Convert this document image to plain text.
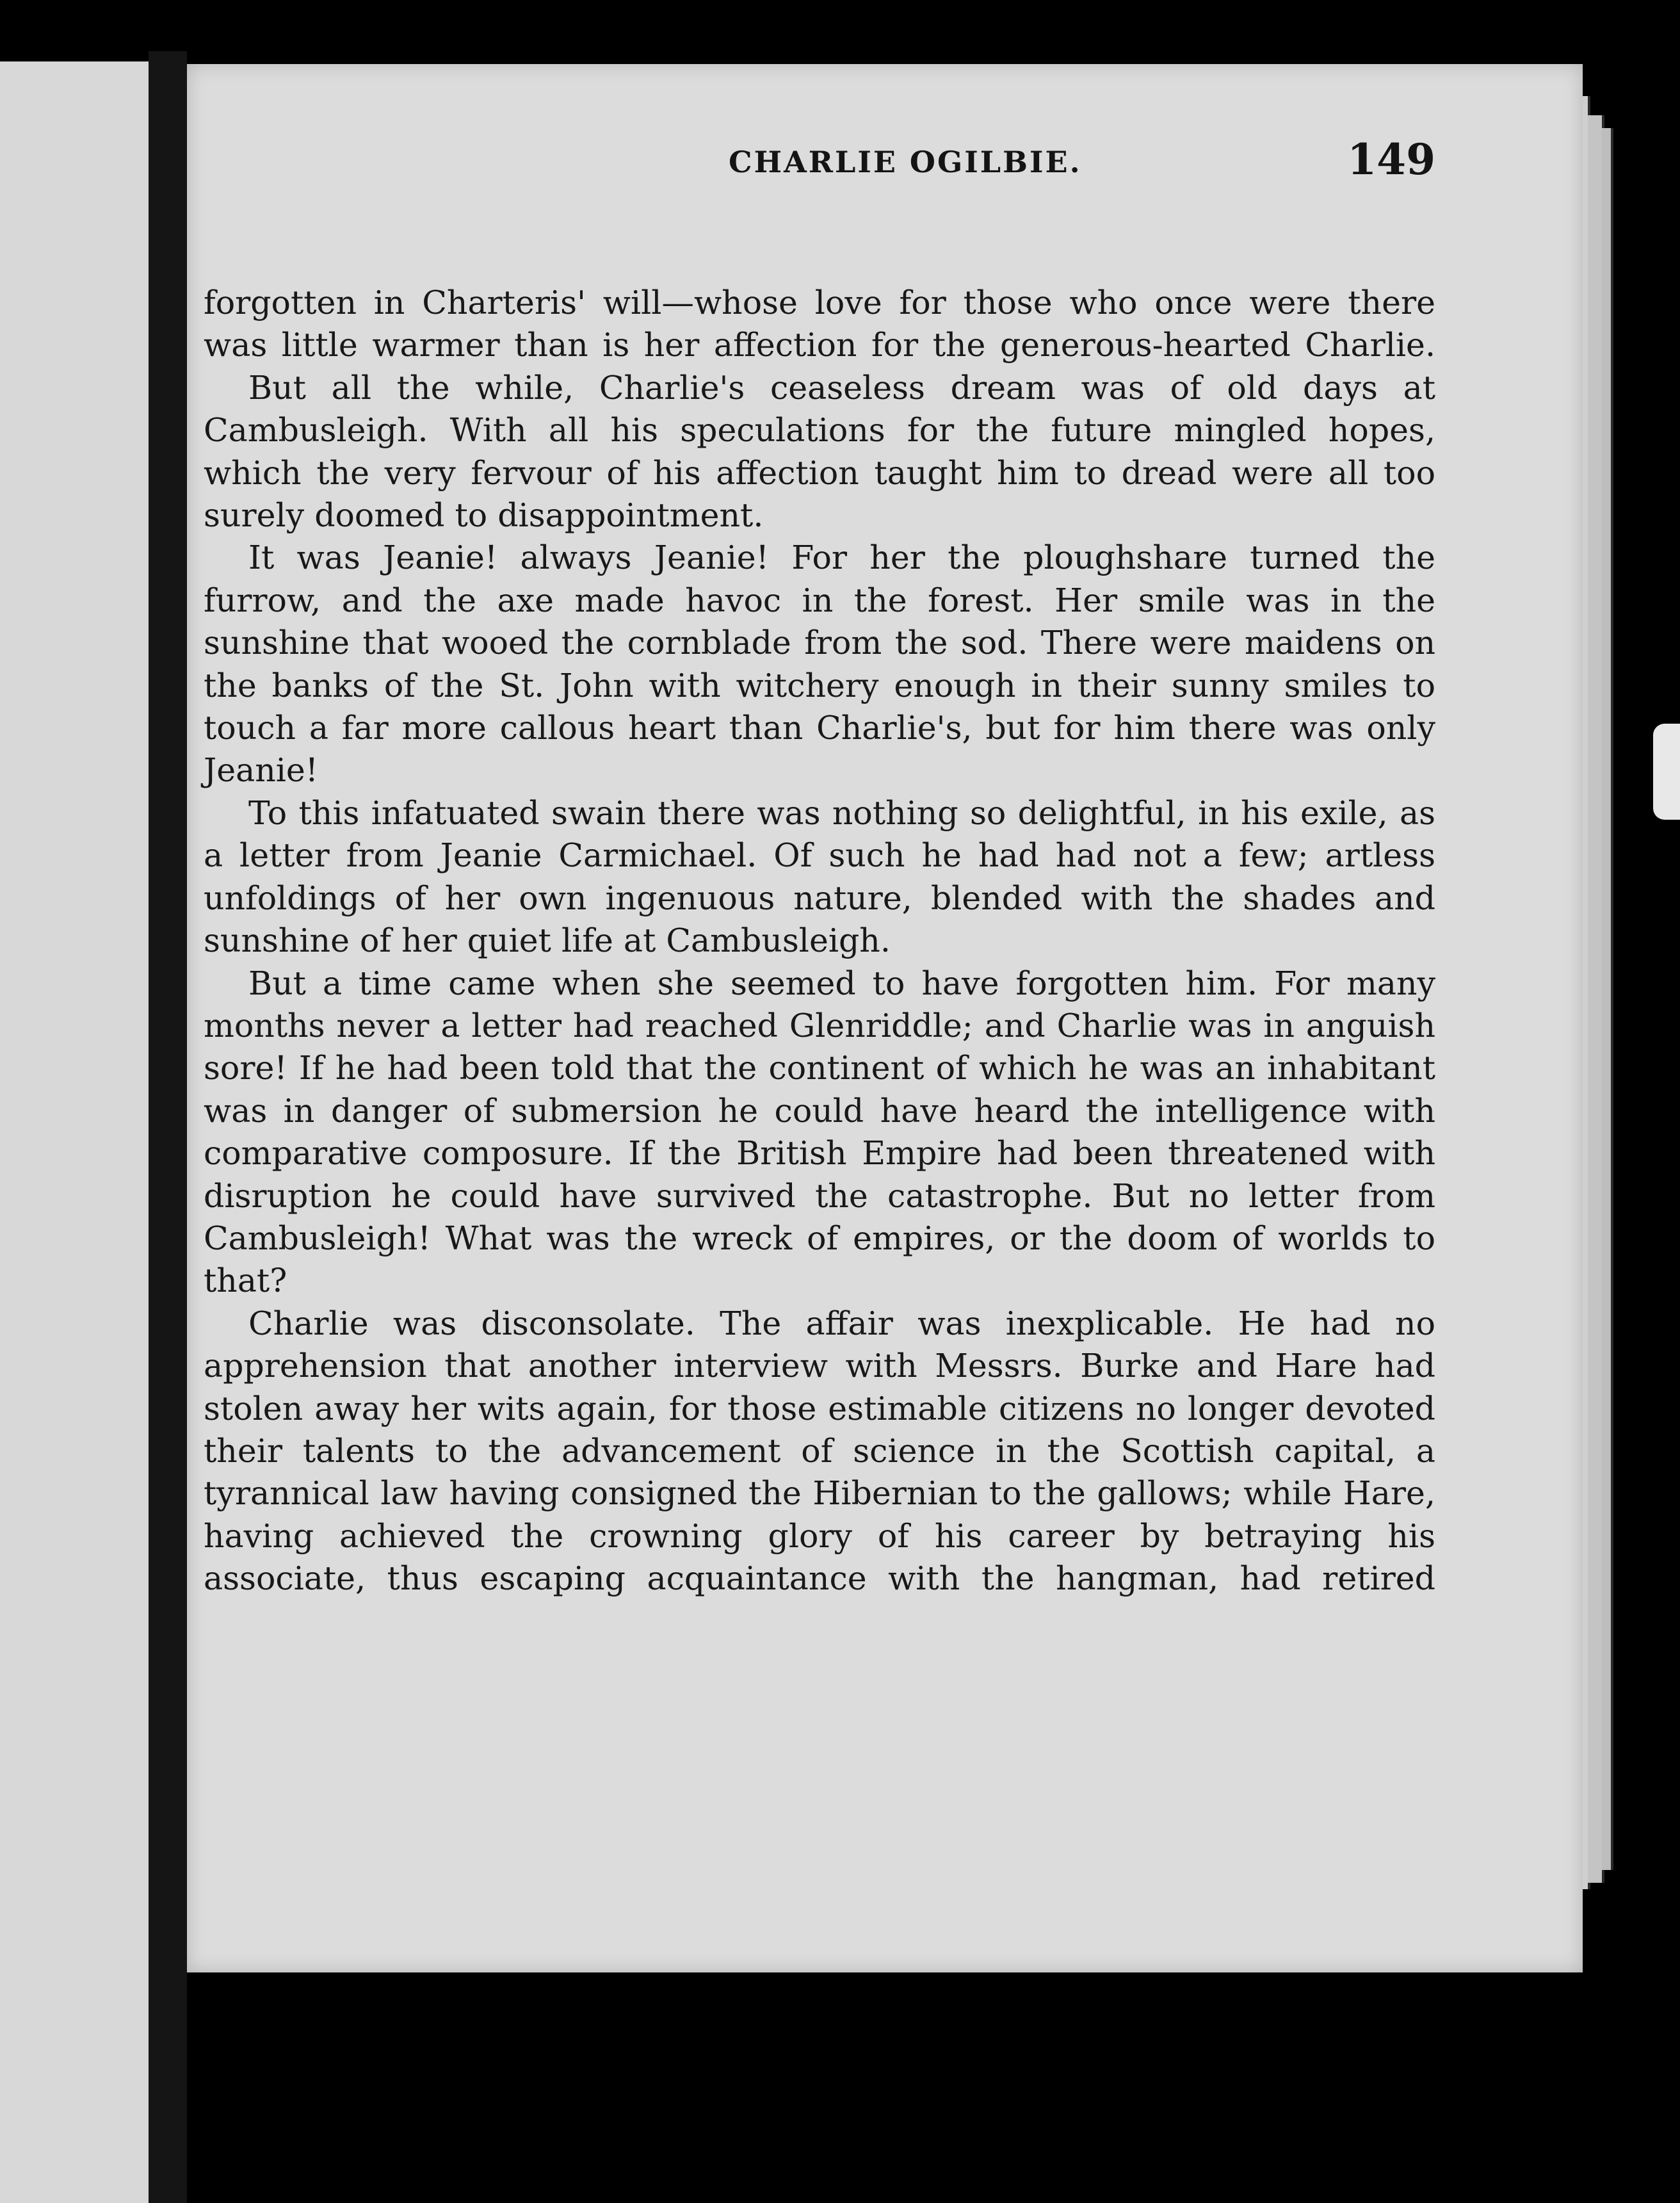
CHARLIE OGILBIE.	149

forgotten in Charteris' will—whose love for those who once were there was little warmer than is her affection for the generous-hearted Charlie.

But all the while, Charlie's ceaseless dream was of old days at Cambusleigh. With all his speculations for the future mingled hopes, which the very fervour of his affection taught him to dread were all too surely doomed to disappointment.

It was Jeanie! always Jeanie! For her the ploughshare turned the furrow, and the axe made havoc in the forest. Her smile was in the sunshine that wooed the cornblade from the sod. There were maidens on the banks of the St. John with witchery enough in their sunny smiles to touch a far more callous heart than Charlie's, but for him there was only Jeanie!

To this infatuated swain there was nothing so delightful, in his exile, as a letter from Jeanie Carmichael. Of such he had had not a few; artless unfoldings of her own ingenuous nature, blended with the shades and sunshine of her quiet life at Cambusleigh.

But a time came when she seemed to have forgotten him. For many months never a letter had reached Glenriddle; and Charlie was in anguish sore! If he had been told that the continent of which he was an inhabitant was in danger of submersion he could have heard the intelligence with comparative composure. If the British Empire had been threatened with disruption he could have survived the catastrophe. But no letter from Cambusleigh! What was the wreck of empires, or the doom of worlds to that?

Charlie was disconsolate. The affair was inexplicable. He had no apprehension that another interview with Messrs. Burke and Hare had stolen away her wits again, for those estimable citizens no longer devoted their talents to the advancement of science in the Scottish capital, a tyrannical law having consigned the Hibernian to the gallows; while Hare, having achieved the crowning glory of his career by betraying his associate, thus escaping acquaintance with the hangman, had retired
